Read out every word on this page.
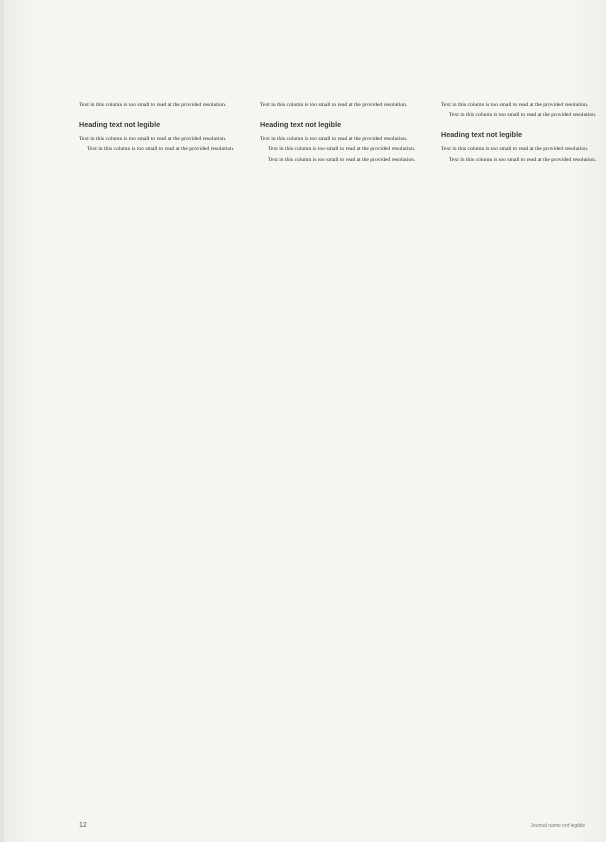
Text in this column is too small to read at the provided resolution.

Heading text not legible

Text in this column is too small to read at the provided resolution.

Text in this column is too small to read at the provided resolution.

Text in this column is too small to read at the provided resolution.

Heading text not legible

Text in this column is too small to read at the provided resolution.

Text in this column is too small to read at the provided resolution.

Text in this column is too small to read at the provided resolution.

Text in this column is too small to read at the provided resolution.

Text in this column is too small to read at the provided resolution.

Heading text not legible

Text in this column is too small to read at the provided resolution.

Text in this column is too small to read at the provided resolution.

12	Journal name not legible
